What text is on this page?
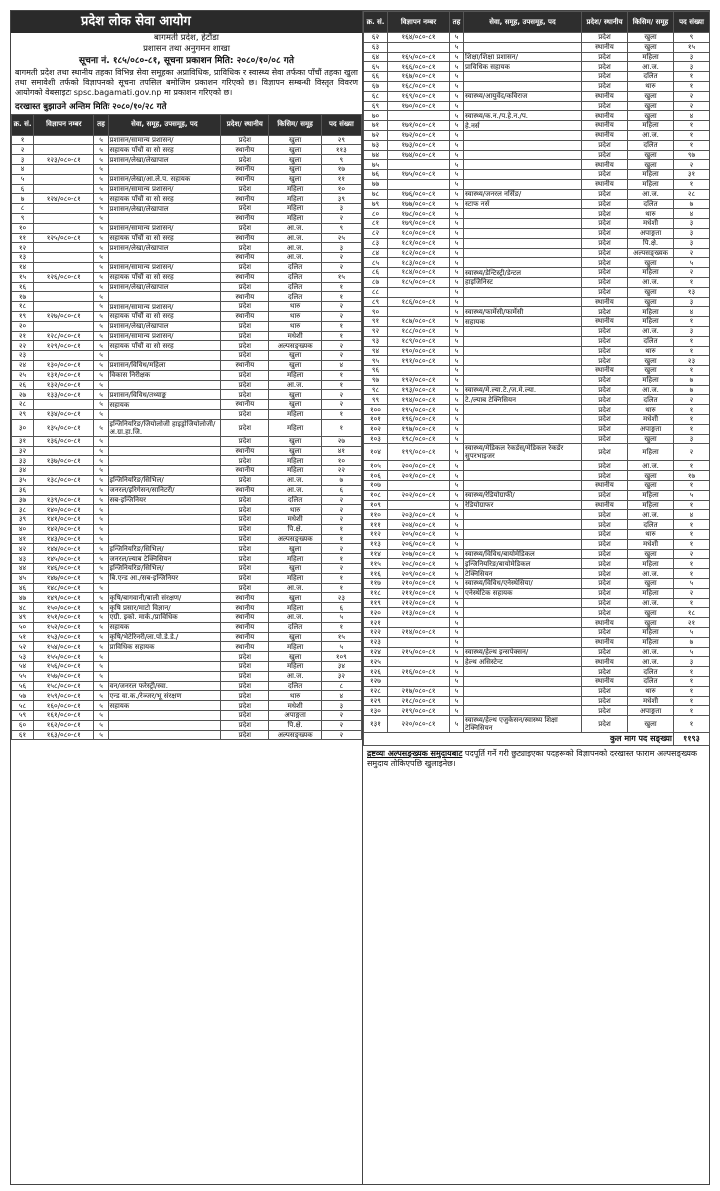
प्रदेश लोक सेवा आयोग
बागमती प्रदेश, हेटौंडा
प्रशासन तथा अनुगमन शाखा
सूचना नं. १८५/०८०-८१, सूचना प्रकाशन मिति: २०८०/१०/०८ गते
बागमती प्रदेश तथा स्थानीय तहका विभिन्न सेवा समूहका अप्राविधिक, प्राविधिक र स्वास्थ्य सेवा तर्फका पाँचौं तहका खुला तथा समावेशी तर्फको विज्ञापनको सूचना तपसिल बमोजिम प्रकाशन गरिएको छ। विज्ञापन सम्बन्धी विस्तृत विवरण आयोगको वेबसाइटः spsc.bagamati.gov.np मा प्रकाशन गरिएको छ।
दरखास्त बुझाउने अन्तिम मितिः २०८०/१०/२८ गते
क्र. सं.	विज्ञापन नम्बर	तह	सेवा, समूह, उपसमूह, पद	प्रदेश/ स्थानीय	किसिम/ समूह	पद संख्या
१		५	प्रशासन/सामान्य प्रशासन/	प्रदेश	खुला	२९
२		५	सहायक पाँचौं वा सो सरह	स्थानीय	खुला	११३
३	१२३/०८०-८१	५	प्रशासन/लेखा/लेखापाल	प्रदेश	खुला	९
४		५		स्थानीय	खुला	१७
५		५	प्रशासन/लेखा/आ.ले.प. सहायक	स्थानीय	खुला	११
६		५	प्रशासन/सामान्य प्रशासन/	प्रदेश	महिला	१०
७	१२४/०८०-८१	५	सहायक पाँचौं वा सो सरह	स्थानीय	महिला	३९
८		५	प्रशासन/लेखा/लेखापाल	प्रदेश	महिला	३
९		५		स्थानीय	महिला	२
१०		५	प्रशासन/सामान्य प्रशासन/	प्रदेश	आ.ज.	९
११	१२५/०८०-८१	५	सहायक पाँचौं वा सो सरह	स्थानीय	आ.ज.	२५
१२		५	प्रशासन/लेखा/लेखापाल	प्रदेश	आ.ज.	३
१३		५		स्थानीय	आ.ज.	२
१४		५	प्रशासन/सामान्य प्रशासन/	प्रदेश	दलित	२
१५	१२६/०८०-८१	५	सहायक पाँचौं वा सो सरह	स्थानीय	दलित	१५
१६		५	प्रशासन/लेखा/लेखापाल	प्रदेश	दलित	१
१७		५		स्थानीय	दलित	१
१८		५	प्रशासन/सामान्य प्रशासन/	प्रदेश	थारु	२
१९	१२७/०८०-८१	५	सहायक पाँचौं वा सो सरह	स्थानीय	थारु	२
२०		५	प्रशासन/लेखा/लेखापाल	प्रदेश	थारु	१
२१	१२८/०८०-८१	५	प्रशासन/सामान्य प्रशासन/	प्रदेश	मधेशी	१
२२	१२९/०८०-८१	५	सहायक पाँचौं वा सो सरह	प्रदेश	अल्पसङ्ख्यक	२
२३		५		प्रदेश	खुला	२
२४	१३०/०८०-८१	५	प्रशासन/विविध/महिला	स्थानीय	खुला	४
२५	१३१/०८०-८१	५	विकास निरीक्षक	प्रदेश	महिला	१
२६	१३२/०८०-८१	५		प्रदेश	आ.ज.	१
२७	१३३/०८०-८१	५	प्रशासन/विविध/तथ्याङ्क	प्रदेश	खुला	२
२८		५	सहायक	स्थानीय	खुला	२
२९	१३४/०८०-८१	५		प्रदेश	महिला	१
३०	१३५/०८०-८१	५	इन्जिनियरिङ/जियोलोजी हाइड्रोजियोलोजी/अ.ग्रा.हा.जि.	प्रदेश	महिला	१
३१	१३६/०८०-८१	५		प्रदेश	खुला	२७
३२		५		स्थानीय	खुला	४१
३३	१३७/०८०-८१	५		प्रदेश	महिला	१०
३४		५		स्थानीय	महिला	२२
३५	१३८/०८०-८१	५	इन्जिनियरिङ/सिभिल/	प्रदेश	आ.ज.	७
३६		५	जनरल/इरिगेसन/सानिटरी/	स्थानीय	आ.ज.	६
३७	१३९/०८०-८१	५	सब-इन्जिनियर	प्रदेश	दलित	२
३८	१४०/०८०-८१	५		प्रदेश	थारु	२
३९	१४१/०८०-८१	५		प्रदेश	मधेशी	२
४०	१४२/०८०-८१	५		प्रदेश	पि.क्षे.	१
४१	१४३/०८०-८१	५		प्रदेश	अल्पसङ्ख्यक	१
४२	१४४/०८०-८१	५	इन्जिनियरिङ/सिभिल/	प्रदेश	खुला	२
४३	१४५/०८०-८१	५	जनरल/ल्याब टेक्निसियन	प्रदेश	महिला	१
४४	१४६/०८०-८१	५	इन्जिनियरिङ/सिभिल/	प्रदेश	खुला	२
४५	१४७/०८०-८१	५	बि.एन्ड आ./सब-इन्जिनियर	प्रदेश	महिला	१
४६	१४८/०८०-८१	५		प्रदेश	आ.ज.	१
४७	१४९/०८०-८१	५	कृषि/बागवानी/बाली संरक्षण/	स्थानीय	खुला	२३
४८	१५०/०८०-८१	५	कृषि प्रसार/माटो विज्ञान/	स्थानीय	महिला	६
४९	१५१/०८०-८१	५	एग्री. इको. मार्क./प्राविधिक	स्थानीय	आ.ज.	५
५०	१५२/०८०-८१	५	सहायक	स्थानीय	दलित	१
५१	१५३/०८०-८१	५	कृषि/भेटेरिनरी/ला.पो.डे.डे./	स्थानीय	खुला	१५
५२	१५४/०८०-८१	५	प्राविधिक सहायक	स्थानीय	महिला	५
५३	१५५/०८०-८१	५		प्रदेश	खुला	१०९
५४	१५६/०८०-८१	५		प्रदेश	महिला	३४
५५	१५७/०८०-८१	५		प्रदेश	आ.ज.	३२
५६	१५८/०८०-८१	५	वन/जनरल फरेस्ट्री/स्वा.	प्रदेश	दलित	८
५७	१५९/०८०-८१	५	एन्ड वा.क./रेञ्जर/भू संरक्षण	प्रदेश	थारु	४
५८	१६०/०८०-८१	५	सहायक	प्रदेश	मधेशी	३
५९	१६१/०८०-८१	५		प्रदेश	अपाङ्गता	२
६०	१६२/०८०-८१	५		प्रदेश	पि.क्षे.	२
६१	१६३/०८०-८१	५		प्रदेश	अल्पसङ्ख्यक	२
क्र. सं.	विज्ञापन नम्बर	तह	सेवा, समूह, उपसमूह, पद	प्रदेश/ स्थानीय	किसिम/ समूह	पद संख्या
६२	१६४/०८०-८१	५		प्रदेश	खुला	९
६३		५		स्थानीय	खुला	१५
६४	१६५/०८०-८१	५	शिक्षा/शिक्षा प्रशासन/	प्रदेश	महिला	३
६५	१६६/०८०-८१	५	प्राविधिक सहायक	प्रदेश	आ.ज.	३
६६	१६७/०८०-८१	५		प्रदेश	दलित	१
६७	१६८/०८०-८१	५		प्रदेश	थारु	१
६८	१६९/०८०-८१	५	स्वास्थ्य/आयुर्वेद/कविराज	स्थानीय	खुला	२
६९	१७०/०८०-८१	५		प्रदेश	खुला	२
७०		५	स्वास्थ्य/क.न./प.हे.न./प.	स्थानीय	खुला	४
७१	१७१/०८०-८१	५	हे.नर्स	स्थानीय	महिला	१
७२	१७२/०८०-८१	५		स्थानीय	आ.ज.	१
७३	१७३/०८०-८१	५		प्रदेश	दलित	१
७४	१७४/०८०-८१	५		प्रदेश	खुला	९७
७५		५		स्थानीय	खुला	२
७६	१७५/०८०-८१	५		प्रदेश	महिला	३१
७७		५		स्थानीय	महिला	१
७८	१७६/०८०-८१	५	स्वास्थ्य/जनरल नर्सिङ/	प्रदेश	आ.ज.	२८
७९	१७७/०८०-८१	५	स्टाफ नर्स	प्रदेश	दलित	७
८०	१७८/०८०-८१	५		प्रदेश	थारु	४
८१	१७९/०८०-८१	५		प्रदेश	मधेशी	३
८२	१८०/०८०-८१	५		प्रदेश	अपाङ्गता	३
८३	१८१/०८०-८१	५		प्रदेश	पि.क्षे.	३
८४	१८२/०८०-८१	५		प्रदेश	अल्पसङ्ख्यक	२
८५	१८३/०८०-८१	५		प्रदेश	खुला	५
८६	१८४/०८०-८१	५	स्वास्थ्य/डेन्टिस्ट्री/डेन्टल	प्रदेश	महिला	२
८७	१८५/०८०-८१	५	हाइजिनिस्ट	प्रदेश	आ.ज.	१
८८		५		प्रदेश	खुला	१३
८९	१८६/०८०-८१	५		स्थानीय	खुला	३
९०		५	स्वास्थ्य/फार्मेसी/फार्मेसी	प्रदेश	महिला	४
९१	१८७/०८०-८१	५	सहायक	स्थानीय	महिला	१
९२	१८८/०८०-८१	५		प्रदेश	आ.ज.	३
९३	१८९/०८०-८१	५		प्रदेश	दलित	१
९४	१९०/०८०-८१	५		प्रदेश	थारु	१
९५	१९१/०८०-८१	५		प्रदेश	खुला	२३
९६		५		स्थानीय	खुला	१
९७	१९२/०८०-८१	५		प्रदेश	महिला	७
९८	१९३/०८०-८१	५	स्वास्थ्य/मे.ल्या.टे./ज.मे.ल्या.	प्रदेश	आ.ज.	७
९९	१९४/०८०-८१	५	टे./ल्याब टेक्निसियन	प्रदेश	दलित	२
१००	१९५/०८०-८१	५		प्रदेश	थारु	१
१०१	१९६/०८०-८१	५		प्रदेश	मधेशी	१
१०२	१९७/०८०-८१	५		प्रदेश	अपाङ्गता	१
१०३	१९८/०८०-८१	५		प्रदेश	खुला	३
१०४	१९९/०८०-८१	५	स्वास्थ्य/मेडिकल रेकर्डस्/मेडिकल रेकर्डर सुपरभाइजर	प्रदेश	महिला	२
१०५	२००/०८०-८१	५		प्रदेश	आ.ज.	१
१०६	२०१/०८०-८१	५		प्रदेश	खुला	१७
१०७		५		स्थानीय	खुला	१
१०८	२०२/०८०-८१	५	स्वास्थ्य/रेडियोग्राफी/	प्रदेश	महिला	५
१०९		५	रेडियोग्राफर	स्थानीय	महिला	१
११०	२०३/०८०-८१	५		प्रदेश	आ.ज.	४
१११	२०४/०८०-८१	५		प्रदेश	दलित	१
११२	२०५/०८०-८१	५		प्रदेश	थारु	१
११३	२०६/०८०-८१	५		प्रदेश	मधेशी	१
११४	२०७/०८०-८१	५	स्वास्थ्य/विविध/बायोमेडिकल	प्रदेश	खुला	२
११५	२०८/०८०-८१	५	इन्जिनियरिङ/बायोमेडिकल	प्रदेश	महिला	१
११६	२०९/०८०-८१	५	टेक्निसियन	प्रदेश	आ.ज.	१
११७	२१०/०८०-८१	५	स्वास्थ्य/विविध/एनेस्थेसिया/	प्रदेश	खुला	५
११८	२११/०८०-८१	५	एनेस्थेटिक सहायक	प्रदेश	महिला	२
११९	२१२/०८०-८१	५		प्रदेश	आ.ज.	१
१२०	२१३/०८०-८१	५		प्रदेश	खुला	१८
१२१		५		स्थानीय	खुला	२१
१२२	२१४/०८०-८१	५		प्रदेश	महिला	५
१२३		५		स्थानीय	महिला	७
१२४	२१५/०८०-८१	५	स्वास्थ्य/हेल्थ इन्सपेक्सन/	प्रदेश	आ.ज.	५
१२५		५	हेल्थ असिस्टेन्ट	स्थानीय	आ.ज.	३
१२६	२१६/०८०-८१	५		प्रदेश	दलित	१
१२७		५		स्थानीय	दलित	१
१२८	२१७/०८०-८१	५		प्रदेश	थारु	१
१२९	२१८/०८०-८१	५		प्रदेश	मधेशी	१
१३०	२१९/०८०-८१	५		प्रदेश	अपाङ्गता	१
१३१	२२०/०८०-८१	५	स्वास्थ्य/हेल्थ एजुकेसन/स्वास्थ्य शिक्षा टेक्निसियन	प्रदेश	खुला	१
कुल माग पद सङ्ख्या						११९३
द्रष्टव्यः अल्पसङ्ख्यक समुदायबाट पदपूर्ति गर्ने गरी छुट्याइएका पदहरूको विज्ञापनको दरखास्त फाराम अल्पसङ्ख्यक समुदाय तोकिएपछि खुलाइनेछ।
